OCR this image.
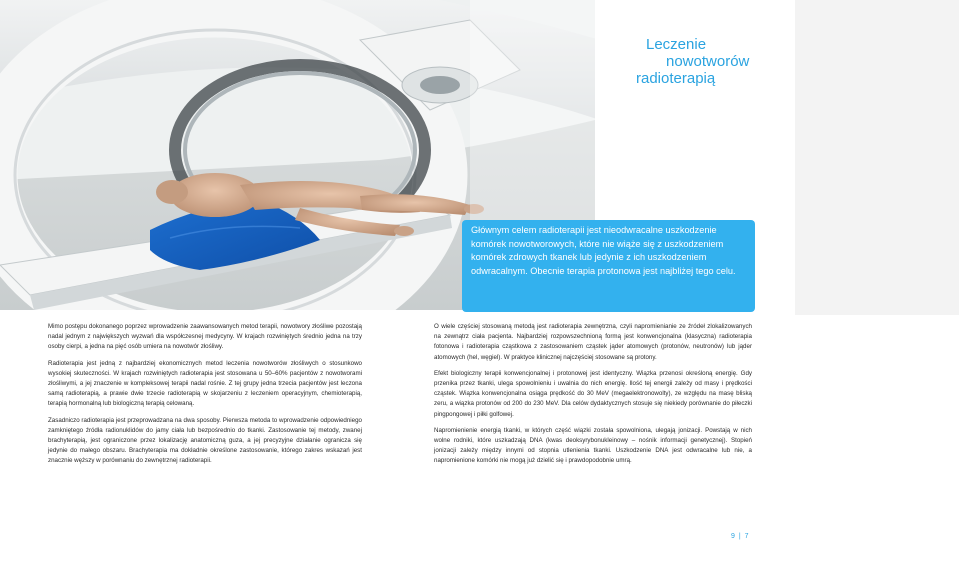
Leczenie
nowotworów
radioterapią
Głównym celem radioterapii jest nieodwracalne uszkodzenie komórek nowotworowych, które nie wiąże się z uszkodzeniem komórek zdrowych tkanek lub jedynie z ich uszkodzeniem odwracalnym. Obecnie terapia protonowa jest najbliżej tego celu.

Mimo postępu dokonanego poprzez wprowadzenie zaawansowanych metod terapii, nowotwory złośliwe pozostają nadal jednym z największych wyzwań dla współczesnej medycyny. W krajach rozwiniętych średnio jedna na trzy osoby cierpi, a jedna na pięć osób umiera na nowotwór złośliwy.

Radioterapia jest jedną z najbardziej ekonomicznych metod leczenia nowotworów złośliwych o stosunkowo wysokiej skuteczności. W krajach rozwiniętych radioterapia jest stosowana u 50–60% pacjentów z nowotworami złośliwymi, a jej znaczenie w kompleksowej terapii nadal rośnie. Z tej grupy jedna trzecia pacjentów jest leczona samą radioterapią, a prawie dwie trzecie radioterapią w skojarzeniu z leczeniem operacyjnym, chemioterapią, terapią hormonalną lub biologiczną terapią celowaną.

Zasadniczo radioterapia jest przeprowadzana na dwa sposoby. Pierwsza metoda to wprowadzenie odpowiedniego zamkniętego źródła radionuklidów do jamy ciała lub bezpośrednio do tkanki. Zastosowanie tej metody, zwanej brachyterapią, jest ograniczone przez lokalizację anatomiczną guza, a jej precyzyjne działanie ogranicza się jedynie do małego obszaru. Brachyterapia ma dokładnie określone zastosowanie, którego zakres wskazań jest znacznie węższy w porównaniu do zewnętrznej radioterapii.

O wiele częściej stosowaną metodą jest radioterapia zewnętrzna, czyli napromienianie ze źródeł zlokalizowanych na zewnątrz ciała pacjenta. Najbardziej rozpowszechnioną formą jest konwencjonalna (klasyczna) radioterapia fotonowa i radioterapia cząstkowa z zastosowaniem cząstek jąder atomowych (protonów, neutronów) lub jąder atomowych (hel, węgiel). W praktyce klinicznej najczęściej stosowane są protony.

Efekt biologiczny terapii konwencjonalnej i protonowej jest identyczny. Wiązka przenosi określoną energię. Gdy przenika przez tkanki, ulega spowolnieniu i uwalnia do nich energię. Ilość tej energii zależy od masy i prędkości cząstek. Wiązka konwencjonalna osiąga prędkość do 30 MeV (megaelektronowolty), ze względu na masę bliską zeru, a wiązka protonów od 200 do 230 MeV. Dla celów dydaktycznych stosuje się niekiedy porównanie do piłeczki pingpongowej i piłki golfowej.

Napromienienie energią tkanki, w których część wiązki została spowolniona, ulegają jonizacji. Powstają w nich wolne rodniki, które uszkadzają DNA (kwas deoksyrybonukleinowy – nośnik informacji genetycznej). Stopień jonizacji zależy między innymi od stopnia utlenienia tkanki. Uszkodzenie DNA jest odwracalne lub nie, a napromienione komórki nie mogą już dzielić się i prawdopodobnie umrą.

9 | 7
